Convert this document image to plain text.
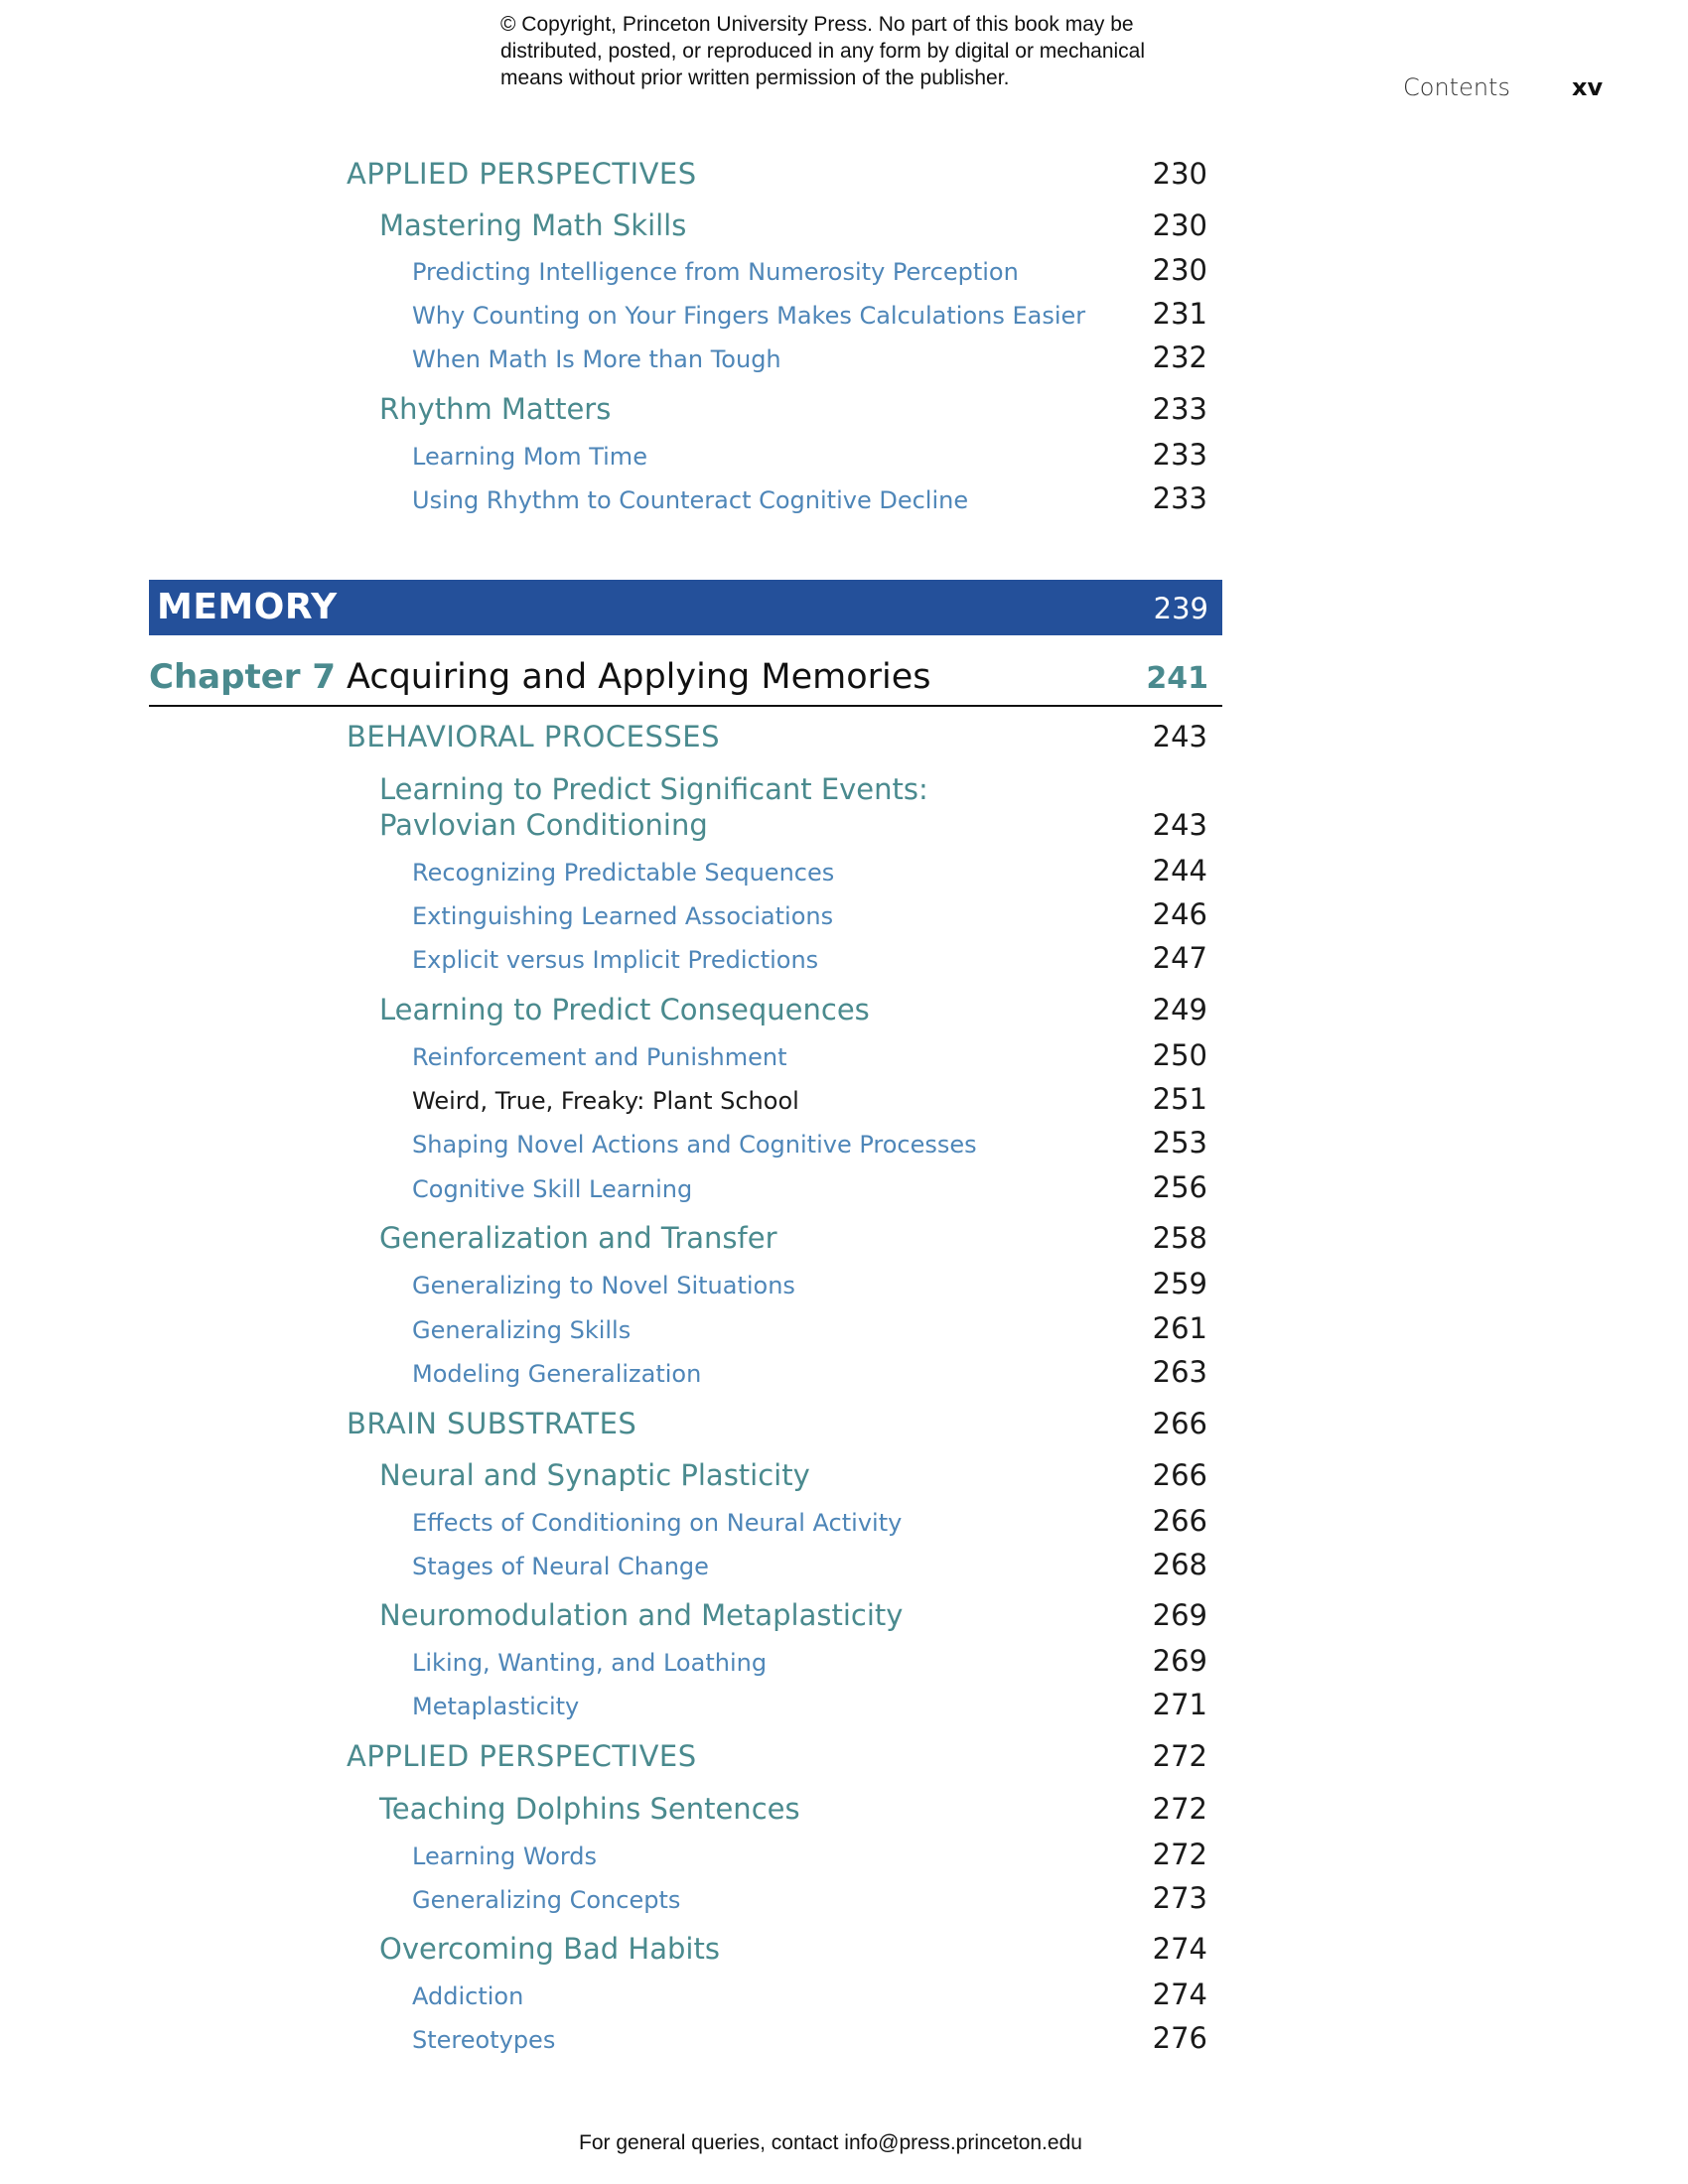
© Copyright, Princeton University Press. No part of this book may be
distributed, posted, or reproduced in any form by digital or mechanical
means without prior written permission of the publisher.	Contents	xv
APPLIED PERSPECTIVES	230
Mastering Math Skills	230
Predicting Intelligence from Numerosity Perception	230
Why Counting on Your Fingers Makes Calculations Easier 231
When Math Is More than Tough	232
Rhythm Matters	233
Learning Mom Time	233
Using Rhythm to Counteract Cognitive Decline	233
MEMORY	239
Chapter 7 Acquiring and Applying Memories	241
BEHAVIORAL PROCESSES	243
Learning to Predict Significant Events:
Pavlovian Conditioning	243
Recognizing Predictable Sequences	244
Extinguishing Learned Associations	246
Explicit versus Implicit Predictions	247
Learning to Predict Consequences	249
Reinforcement and Punishment	250
Weird, True, Freaky: Plant School	251
Shaping Novel Actions and Cognitive Processes	253
Cognitive Skill Learning	256
Generalization and Transfer	258
Generalizing to Novel Situations	259
Generalizing Skills	261
Modeling Generalization	263
BRAIN SUBSTRATES	266
Neural and Synaptic Plasticity	266
Effects of Conditioning on Neural Activity	266
Stages of Neural Change	268
Neuromodulation and Metaplasticity	269
Liking, Wanting, and Loathing	269
Metaplasticity	271
APPLIED PERSPECTIVES	272
Teaching Dolphins Sentences	272
Learning Words	272
Generalizing Concepts	273
Overcoming Bad Habits	274
Addiction	274
Stereotypes	276
For general queries, contact info@press.princeton.edu
